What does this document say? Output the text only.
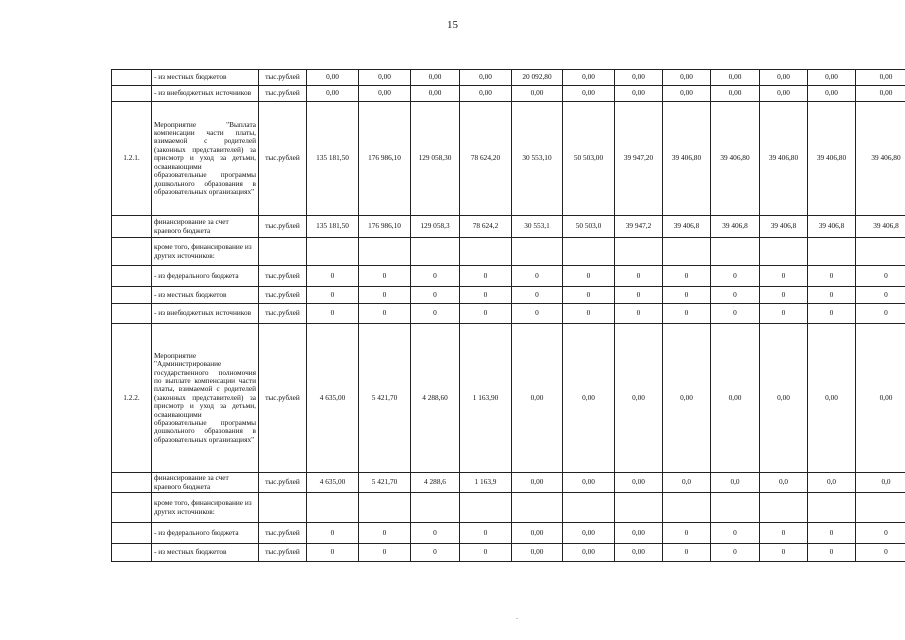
15
	- из местных бюджетов	тыс.рублей	0,00	0,00	0,00	0,00	20 092,80	0,00	0,00	0,00	0,00	0,00	0,00	0,00
	- из внебюджетных источников	тыс.рублей	0,00	0,00	0,00	0,00	0,00	0,00	0,00	0,00	0,00	0,00	0,00	0,00
1.2.1.	Мероприятие "Выплата компенсации части платы, взимаемой с родителей (законных представителей) за присмотр и уход за детьми, осваивающими образовательные программы дошкольного образования в образовательных организациях"	тыс.рублей	135 181,50	176 986,10	129 058,30	78 624,20	30 553,10	50 503,00	39 947,20	39 406,80	39 406,80	39 406,80	39 406,80	39 406,80
	финансирование за счет краевого бюджета	тыс.рублей	135 181,50	176 986,10	129 058,3	78 624,2	30 553,1	50 503,0	39 947,2	39 406,8	39 406,8	39 406,8	39 406,8	39 406,8
	кроме того, финансирование из других источников:													
	- из федерального бюджета	тыс.рублей	0	0	0	0	0	0	0	0	0	0	0	0
	- из местных бюджетов	тыс.рублей	0	0	0	0	0	0	0	0	0	0	0	0
	- из внебюджетных источников	тыс.рублей	0	0	0	0	0	0	0	0	0	0	0	0
1.2.2.	Мероприятие "Администрирование государственного полномочия по выплате компенсации части платы, взимаемой с родителей (законных представителей) за присмотр и уход за детьми, осваивающими образовательные программы дошкольного образования в образовательных организациях"	тыс.рублей	4 635,00	5 421,70	4 288,60	1 163,90	0,00	0,00	0,00	0,00	0,00	0,00	0,00	0,00
	финансирование за счет краевого бюджета	тыс.рублей	4 635,00	5 421,70	4 288,6	1 163,9	0,00	0,00	0,00	0,0	0,0	0,0	0,0	0,0
	кроме того, финансирование из других источников:													
	- из федерального бюджета	тыс.рублей	0	0	0	0	0,00	0,00	0,00	0	0	0	0	0
	- из местных бюджетов	тыс.рублей	0	0	0	0	0,00	0,00	0,00	0	0	0	0	0
.
